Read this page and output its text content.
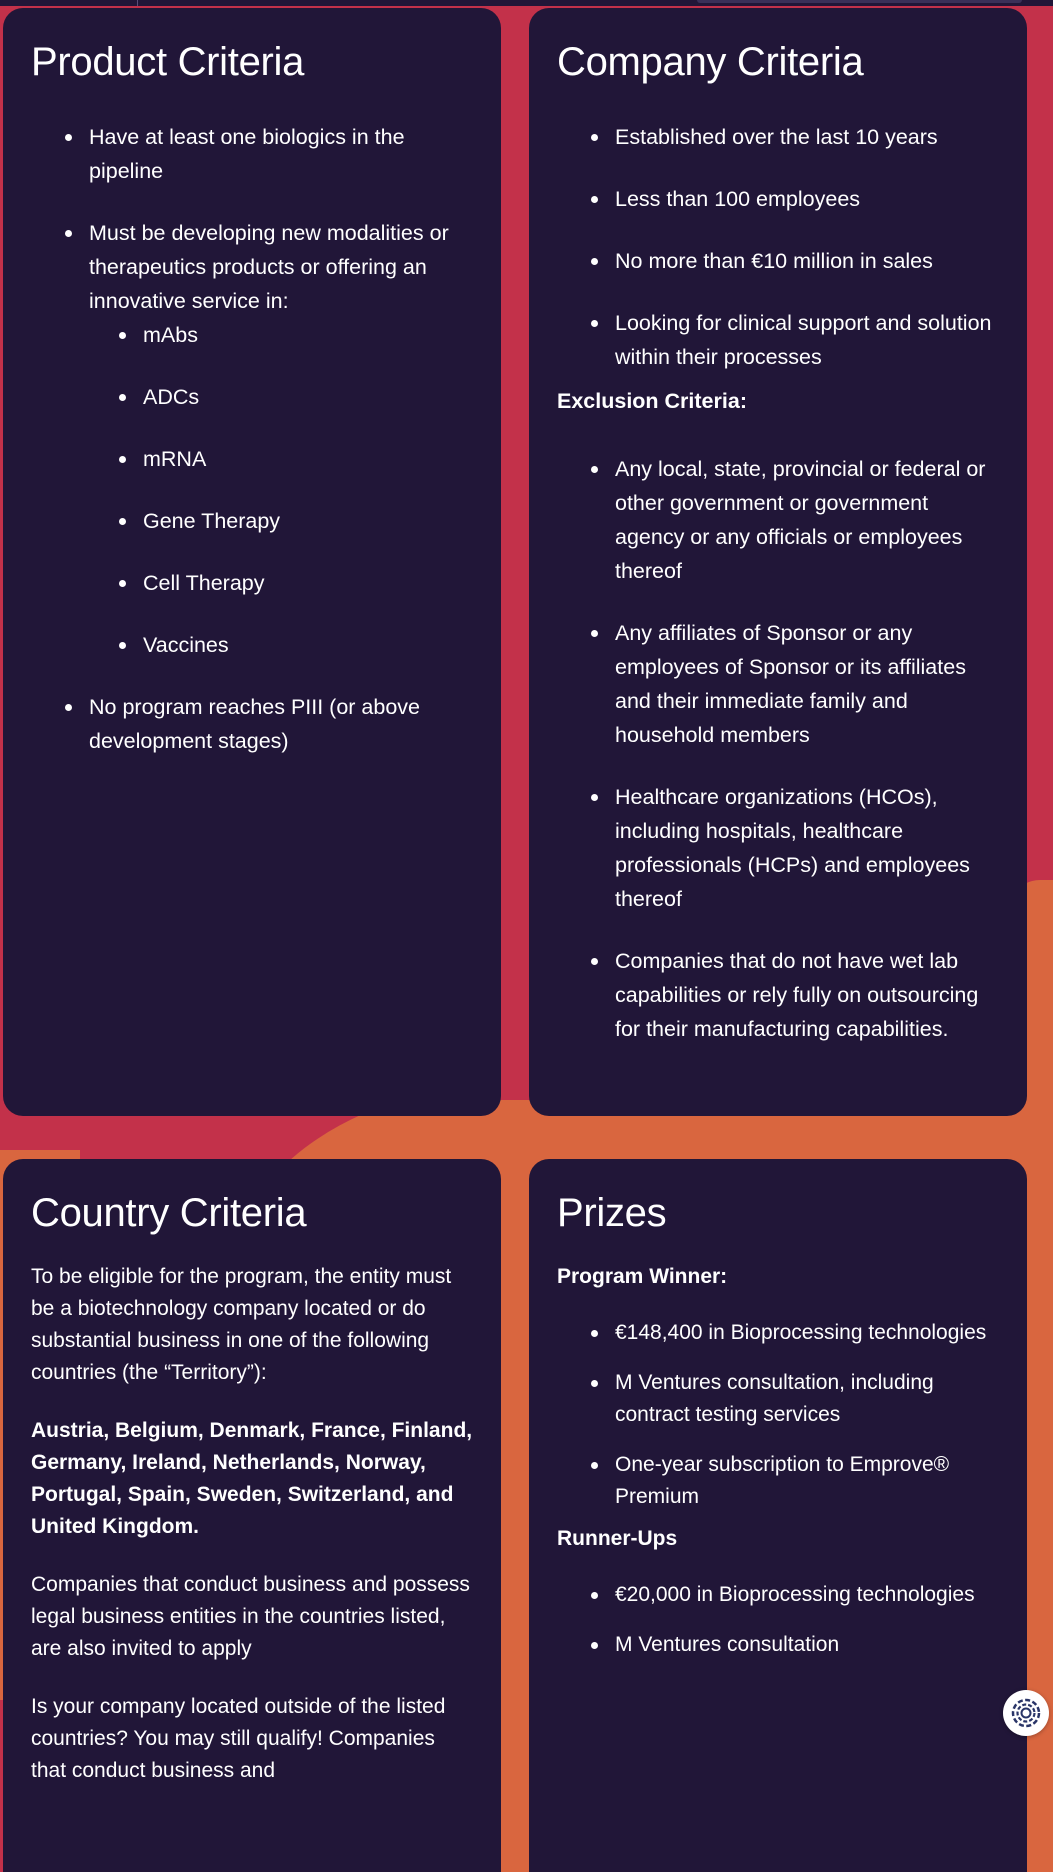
Product Criteria
Have at least one biologics in the pipeline
Must be developing new modalities or therapeutics products or offering an innovative service in:
mAbs
ADCs
mRNA
Gene Therapy
Cell Therapy
Vaccines
No program reaches PIII (or above development stages)
Company Criteria
Established over the last 10 years
Less than 100 employees
No more than €10 million in sales
Looking for clinical support and solution within their processes
Exclusion Criteria:
Any local, state, provincial or federal or other government or government agency or any officials or employees thereof
Any affiliates of Sponsor or any employees of Sponsor or its affiliates and their immediate family and household members
Healthcare organizations (HCOs), including hospitals, healthcare professionals (HCPs) and employees thereof
Companies that do not have wet lab capabilities or rely fully on outsourcing for their manufacturing capabilities.
Country Criteria

To be eligible for the program, the entity must be a biotechnology company located or do substantial business in one of the following countries (the “Territory”):

Austria, Belgium, Denmark, France, Finland, Germany, Ireland, Netherlands, Norway, Portugal, Spain, Sweden, Switzerland, and United Kingdom.

Companies that conduct business and possess legal business entities in the countries listed, are also invited to apply

Is your company located outside of the listed countries? You may still qualify! Companies that conduct business and

Prizes
Program Winner:
€148,400 in Bioprocessing technologies
M Ventures consultation, including contract testing services
One-year subscription to Emprove® Premium
Runner-Ups
€20,000 in Bioprocessing technologies
M Ventures consultation
